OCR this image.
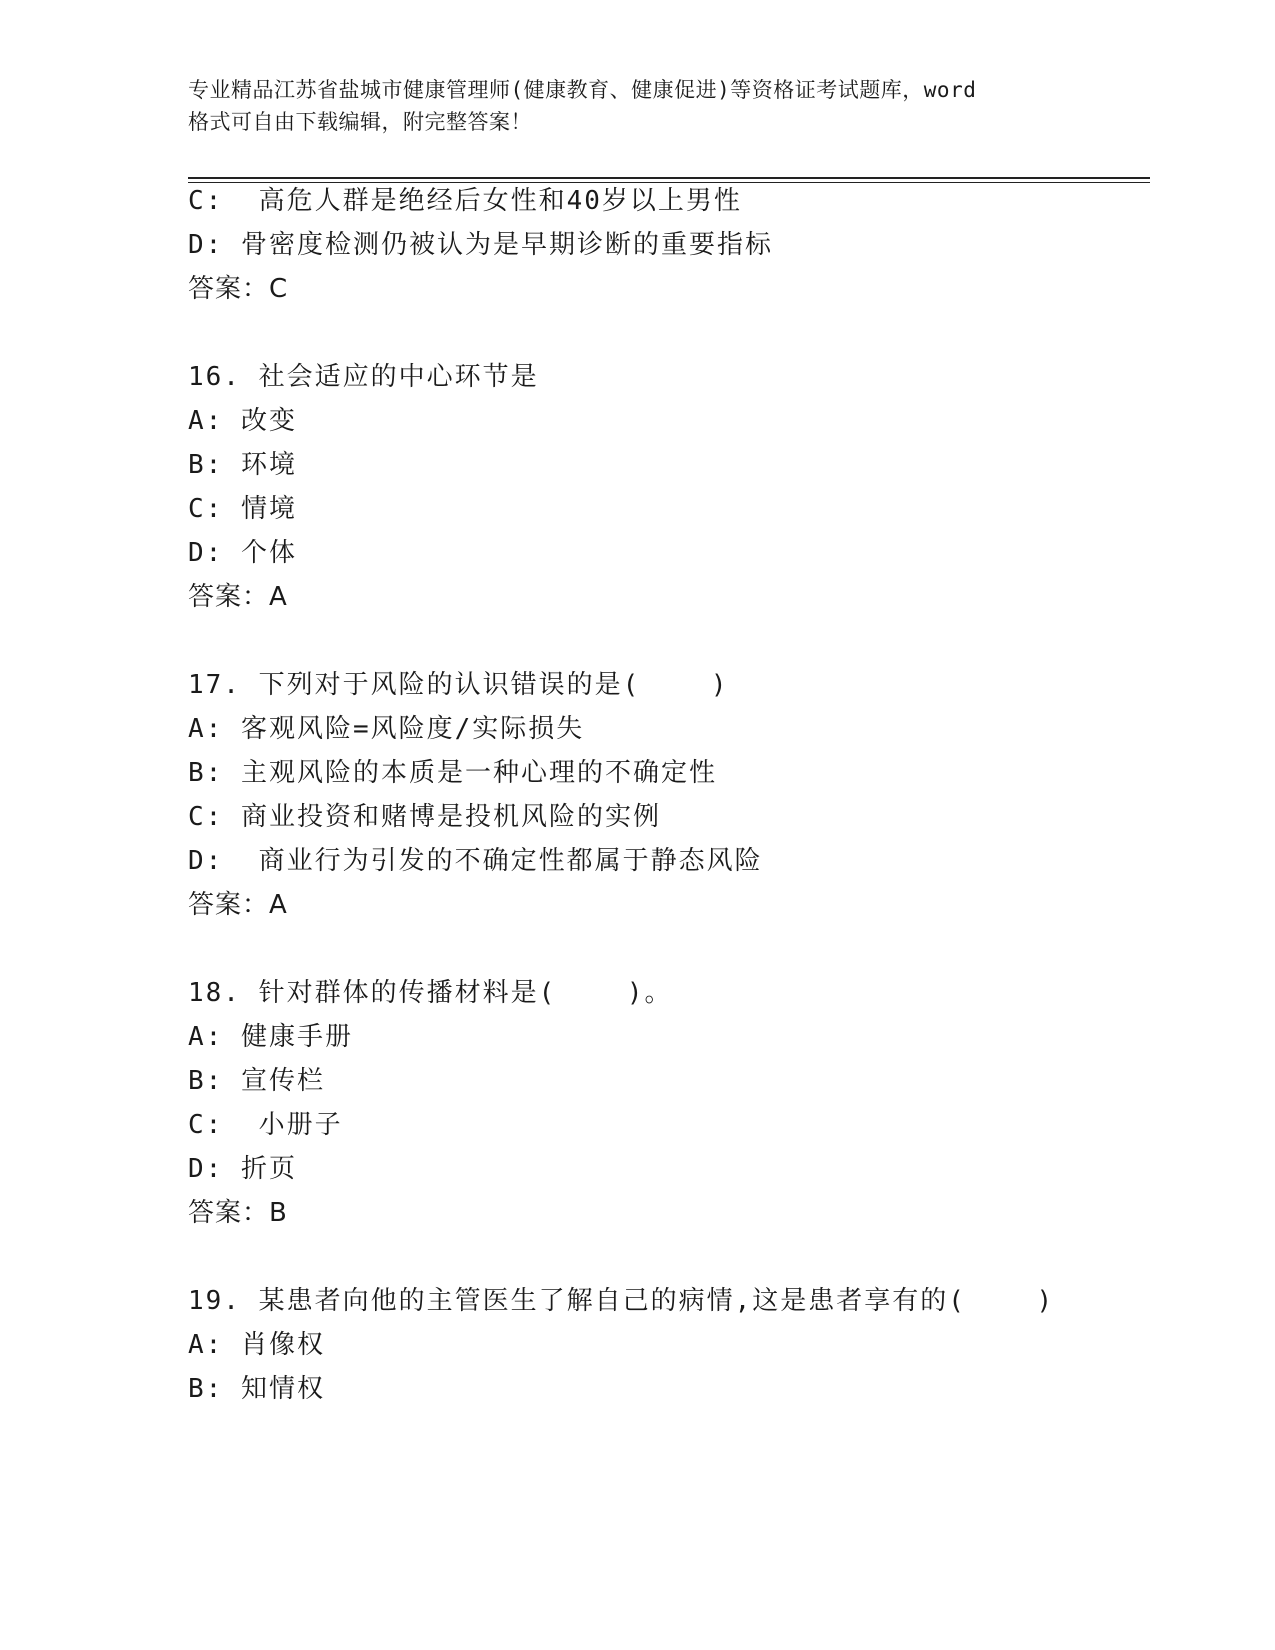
专业精品江苏省盐城市健康管理师(健康教育、健康促进)等资格证考试题库，word
格式可自由下载编辑，附完整答案！
C:  高危人群是绝经后女性和40岁以上男性
D: 骨密度检测仍被认为是早期诊断的重要指标
答案：C
16. 社会适应的中心环节是
A: 改变
B: 环境
C: 情境
D: 个体
答案：A
17. 下列对于风险的认识错误的是(    )
A: 客观风险=风险度/实际损失
B: 主观风险的本质是一种心理的不确定性
C: 商业投资和赌博是投机风险的实例
D:  商业行为引发的不确定性都属于静态风险
答案：A
18. 针对群体的传播材料是(    )。
A: 健康手册
B: 宣传栏
C:  小册子
D: 折页
答案：B
19. 某患者向他的主管医生了解自己的病情,这是患者享有的(    )
A: 肖像权
B: 知情权
